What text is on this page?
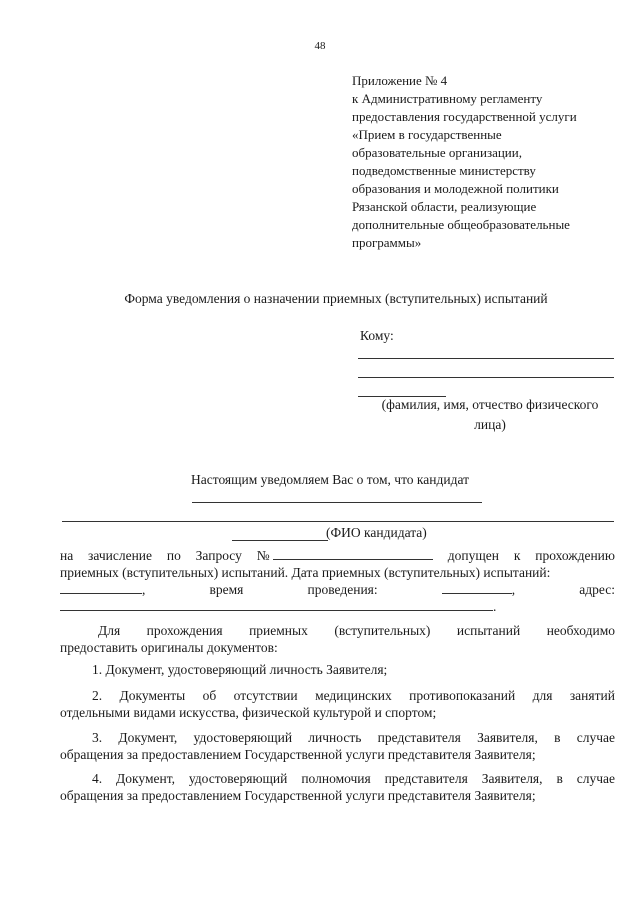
48
Приложение № 4
к Административному регламенту
предоставления государственной услуги
«Прием в государственные
образовательные организации,
подведомственные министерству
образования и молодежной политики
Рязанской области, реализующие
дополнительные общеобразовательные
программы»
Форма уведомления о назначении приемных (вступительных) испытаний
Кому:
(фамилия, имя, отчество физического
лица)
Настоящим уведомляем Вас о том, что кандидат
(ФИО кандидата)
на зачисление по Запросу №	допущен к прохождению
приемных (вступительных) испытаний. Дата приемных (вступительных) испытаний:
,	время	проведения:	,	адрес:
.
Для прохождения приемных (вступительных) испытаний необходимо
предоставить оригиналы документов:
1. Документ, удостоверяющий личность Заявителя;
2. Документы об отсутствии медицинских противопоказаний для занятий
отдельными видами искусства, физической культурой и спортом;
3. Документ, удостоверяющий личность представителя Заявителя, в случае
обращения за предоставлением Государственной услуги представителя Заявителя;
4. Документ, удостоверяющий полномочия представителя Заявителя, в случае
обращения за предоставлением Государственной услуги представителя Заявителя;
